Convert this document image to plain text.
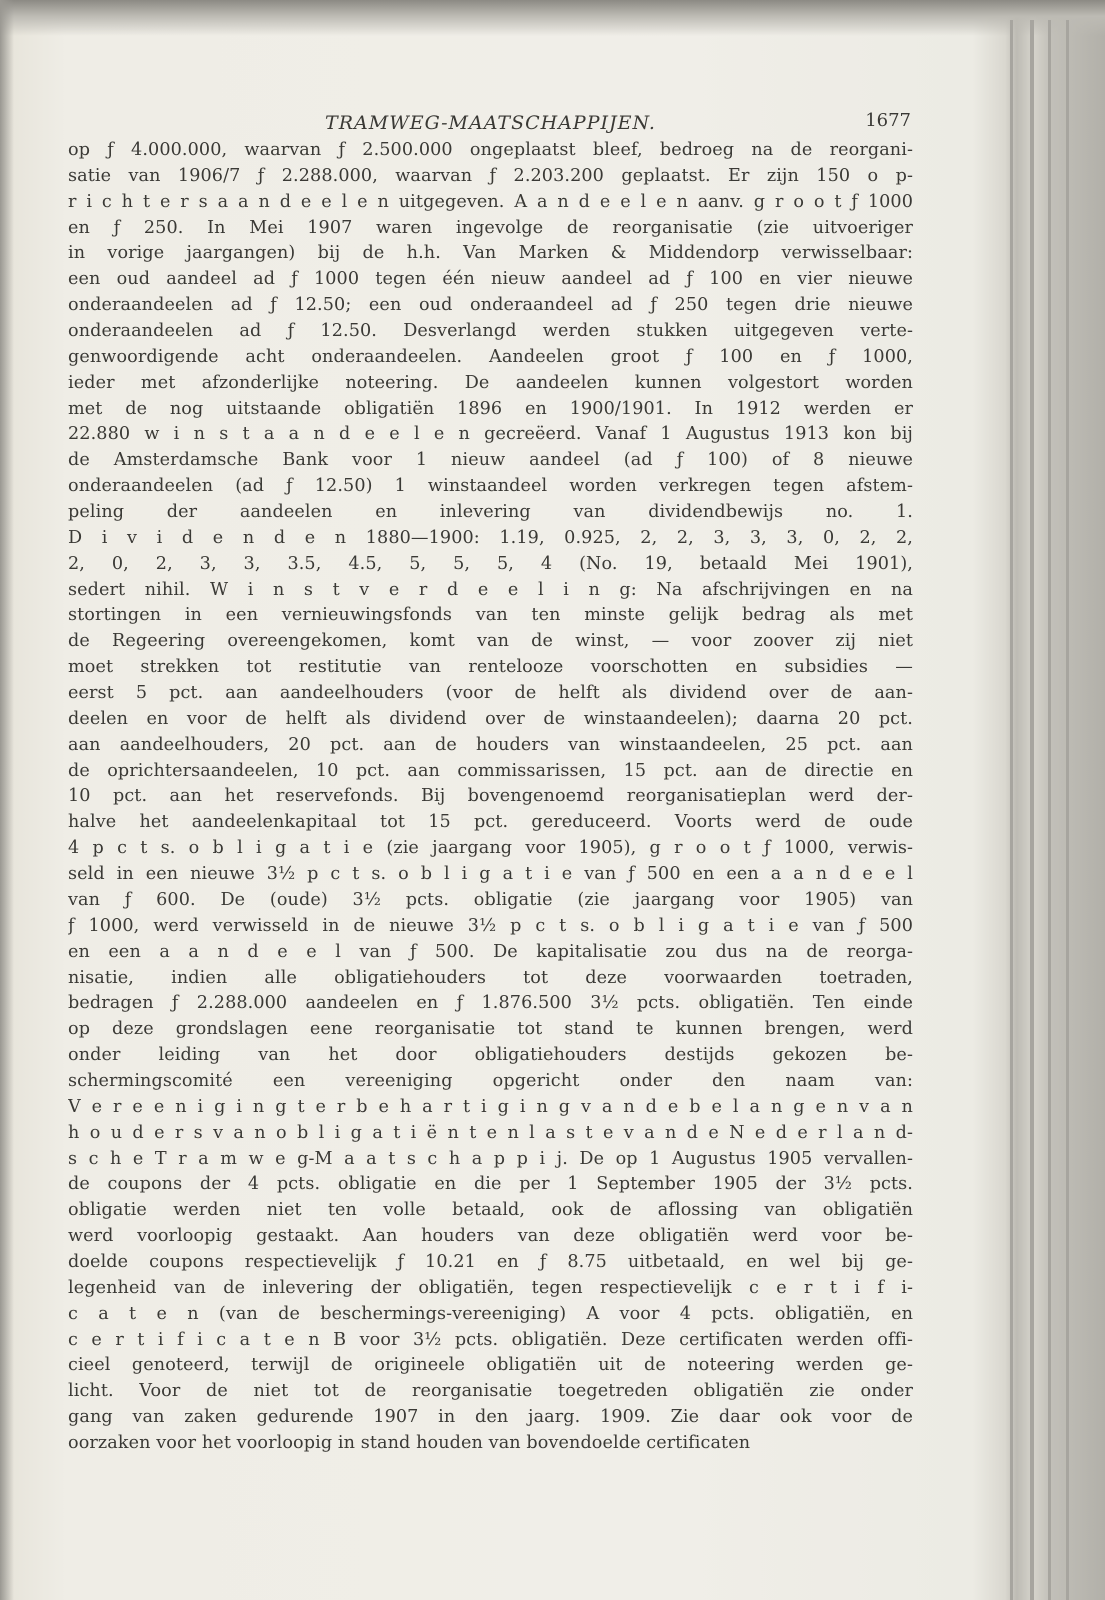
TRAMWEG-MAATSCHAPPIJEN.	1677
op ƒ 4.000.000, waarvan ƒ 2.500.000 ongeplaatst bleef, bedroeg na de reorgani-
satie van 1906/7 ƒ 2.288.000, waarvan ƒ 2.203.200 geplaatst. Er zijn 150 o p-
r i c h t e r s a a n d e e l e n uitgegeven. A a n d e e l e n aanv. g r o o t ƒ 1000
en ƒ 250. In Mei 1907 waren ingevolge de reorganisatie (zie uitvoeriger
in vorige jaargangen) bij de h.h. Van Marken & Middendorp verwisselbaar:
een oud aandeel ad ƒ 1000 tegen één nieuw aandeel ad ƒ 100 en vier nieuwe
onderaandeelen ad ƒ 12.50; een oud onderaandeel ad ƒ 250 tegen drie nieuwe
onderaandeelen ad ƒ 12.50. Desverlangd werden stukken uitgegeven verte-
genwoordigende acht onderaandeelen. Aandeelen groot ƒ 100 en ƒ 1000,
ieder met afzonderlijke noteering. De aandeelen kunnen volgestort worden
met de nog uitstaande obligatiën 1896 en 1900/1901. In 1912 werden er
22.880 w i n s t a a n d e e l e n gecreëerd. Vanaf 1 Augustus 1913 kon bij
de Amsterdamsche Bank voor 1 nieuw aandeel (ad ƒ 100) of 8 nieuwe
onderaandeelen (ad ƒ 12.50) 1 winstaandeel worden verkregen tegen afstem-
peling der aandeelen en inlevering van dividendbewijs no. 1.
D i v i d e n d e n 1880—1900: 1.19, 0.925, 2, 2, 3, 3, 3, 0, 2, 2,
2, 0, 2, 3, 3, 3.5, 4.5, 5, 5, 5, 4 (No. 19, betaald Mei 1901),
sedert nihil. W i n s t v e r d e e l i n g: Na afschrijvingen en na
stortingen in een vernieuwingsfonds van ten minste gelijk bedrag als met
de Regeering overeengekomen, komt van de winst, — voor zoover zij niet
moet strekken tot restitutie van rentelooze voorschotten en subsidies —
eerst 5 pct. aan aandeelhouders (voor de helft als dividend over de aan-
deelen en voor de helft als dividend over de winstaandeelen); daarna 20 pct.
aan aandeelhouders, 20 pct. aan de houders van winstaandeelen, 25 pct. aan
de oprichtersaandeelen, 10 pct. aan commissarissen, 15 pct. aan de directie en
10 pct. aan het reservefonds. Bij bovengenoemd reorganisatieplan werd der-
halve het aandeelenkapitaal tot 15 pct. gereduceerd. Voorts werd de oude
4 p c t s. o b l i g a t i e (zie jaargang voor 1905), g r o o t ƒ 1000, verwis-
seld in een nieuwe 3½ p c t s. o b l i g a t i e van ƒ 500 en een a a n d e e l
van ƒ 600. De (oude) 3½ pcts. obligatie (zie jaargang voor 1905) van
ƒ 1000, werd verwisseld in de nieuwe 3½ p c t s. o b l i g a t i e van ƒ 500
en een a a n d e e l van ƒ 500. De kapitalisatie zou dus na de reorga-
nisatie, indien alle obligatiehouders tot deze voorwaarden toetraden,
bedragen ƒ 2.288.000 aandeelen en ƒ 1.876.500 3½ pcts. obligatiën. Ten einde
op deze grondslagen eene reorganisatie tot stand te kunnen brengen, werd
onder leiding van het door obligatiehouders destijds gekozen be-
schermingscomité een vereeniging opgericht onder den naam van:
V e r e e n i g i n g t e r b e h a r t i g i n g v a n d e b e l a n g e n v a n
h o u d e r s v a n o b l i g a t i ë n t e n l a s t e v a n d e N e d e r l a n d-
s c h e T r a m w e g-M a a t s c h a p p i j. De op 1 Augustus 1905 vervallen-
de coupons der 4 pcts. obligatie en die per 1 September 1905 der 3½ pcts.
obligatie werden niet ten volle betaald, ook de aflossing van obligatiën
werd voorloopig gestaakt. Aan houders van deze obligatiën werd voor be-
doelde coupons respectievelijk ƒ 10.21 en ƒ 8.75 uitbetaald, en wel bij ge-
legenheid van de inlevering der obligatiën, tegen respectievelijk c e r t i f i-
c a t e n (van de beschermings-vereeniging) A voor 4 pcts. obligatiën, en
c e r t i f i c a t e n B voor 3½ pcts. obligatiën. Deze certificaten werden offi-
cieel genoteerd, terwijl de origineele obligatiën uit de noteering werden ge-
licht. Voor de niet tot de reorganisatie toegetreden obligatiën zie onder
gang van zaken gedurende 1907 in den jaarg. 1909. Zie daar ook voor de
oorzaken voor het voorloopig in stand houden van bovendoelde certificaten
